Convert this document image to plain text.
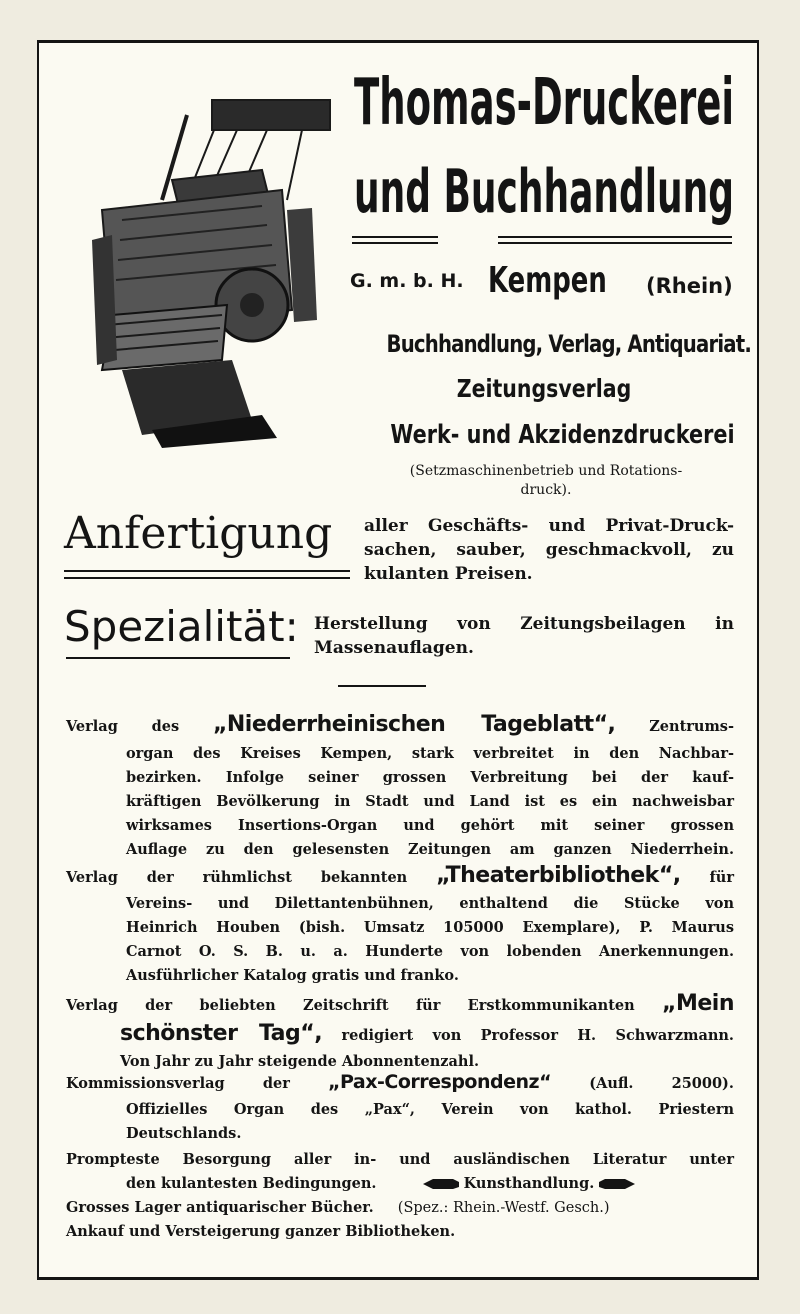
Thomas-Druckerei
und Buchhandlung
G. m. b. H. Kempen (Rhein)
Buchhandlung, Verlag, Antiquariat.
Zeitungsverlag
Werk- und Akzidenzdruckerei
(Setzmaschinenbetrieb und Rotations-
druck).
Anfertigung aller Geschäfts- und Privat-Druck-
sachen, sauber, geschmackvoll, zu
kulanten Preisen.
Spezialität: Herstellung von Zeitungsbeilagen in
Massenauflagen.
Verlag des „Niederrheinischen Tageblatt“, Zentrums-
organ des Kreises Kempen, stark verbreitet in den Nachbar-
bezirken. Infolge seiner grossen Verbreitung bei der kauf-
kräftigen Bevölkerung in Stadt und Land ist es ein nachweisbar
wirksames Insertions-Organ und gehört mit seiner grossen
Auflage zu den gelesensten Zeitungen am ganzen Niederrhein.
Verlag der rühmlichst bekannten „Theaterbibliothek“, für
Vereins- und Dilettantenbühnen, enthaltend die Stücke von
Heinrich Houben (bish. Umsatz 105000 Exemplare), P. Maurus
Carnot O. S. B. u. a. Hunderte von lobenden Anerkennungen.
Ausführlicher Katalog gratis und franko.
Verlag der beliebten Zeitschrift für Erstkommunikanten „Mein
schönster Tag“, redigiert von Professor H. Schwarzmann.
Von Jahr zu Jahr steigende Abonnentenzahl.
Kommissionsverlag der „Pax-Correspondenz“	(Aufl. 25000).
Offizielles Organ des „Pax“, Verein von kathol. Priestern
Deutschlands.
Prompteste Besorgung aller in- und ausländischen Literatur unter
den kulantesten Bedingungen.	Kunsthandlung.
Grosses Lager antiquarischer Bücher. (Spez.: Rhein.-Westf. Gesch.)
Ankauf und Versteigerung ganzer Bibliotheken.
